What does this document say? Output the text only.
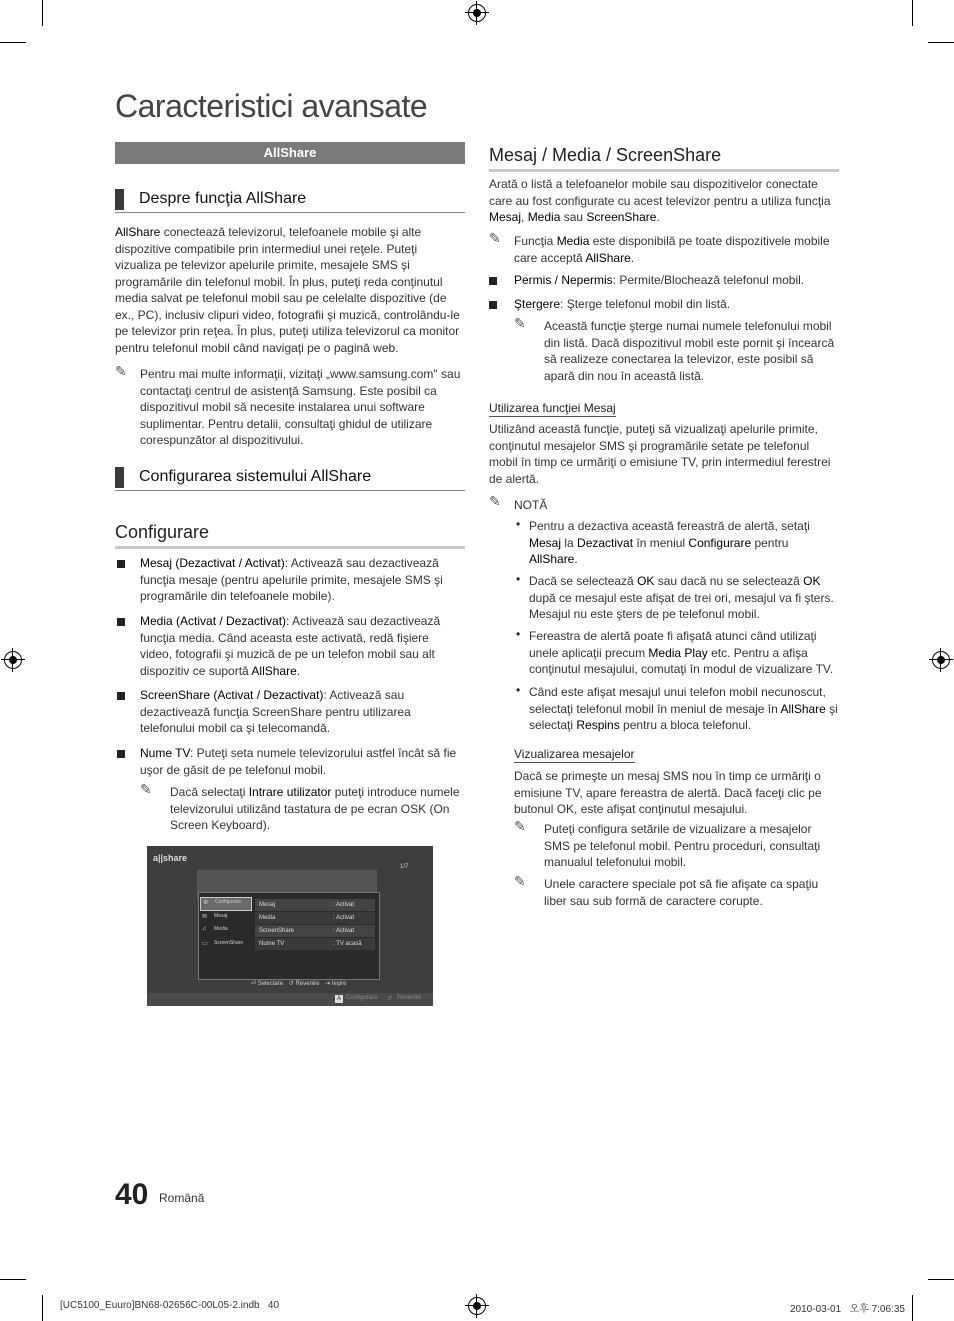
Caracteristici avansate
AllShare
Despre funcţia AllShare
AllShare conectează televizorul, telefoanele mobile şi alte dispozitive compatibile prin intermediul unei reţele. Puteţi vizualiza pe televizor apelurile primite, mesajele SMS şi programările din telefonul mobil. În plus, puteţi reda conţinutul media salvat pe telefonul mobil sau pe celelalte dispozitive (de ex., PC), inclusiv clipuri video, fotografii şi muzică, controlându-le pe televizor prin reţea. În plus, puteţi utiliza televizorul ca monitor pentru telefonul mobil când navigaţi pe o pagină web.
✎ Pentru mai multe informaţii, vizitaţi „www.samsung.com" sau contactaţi centrul de asistenţă Samsung. Este posibil ca dispozitivul mobil să necesite instalarea unui software suplimentar. Pentru detalii, consultaţi ghidul de utilizare corespunzător al dispozitivului.
Configurarea sistemului AllShare
Configurare
Mesaj (Dezactivat / Activat): Activează sau dezactivează funcţia mesaje (pentru apelurile primite, mesajele SMS şi programările din telefoanele mobile).
Media (Activat / Dezactivat): Activează sau dezactivează funcţia media. Când aceasta este activată, redă fişiere video, fotografii şi muzică de pe un telefon mobil sau alt dispozitiv ce suportă AllShare.
ScreenShare (Activat / Dezactivat): Activează sau dezactivează funcţia ScreenShare pentru utilizarea telefonului mobil ca şi telecomandă.
Nume TV: Puteţi seta numele televizorului astfel încât să fie uşor de găsit de pe telefonul mobil.
✎ Dacă selectaţi Intrare utilizator puteţi introduce numele televizorului utilizând tastatura de pe ecran OSK (On Screen Keyboard).
a||share
1/7
⚙ Configurare
✉ Mesaj
♫ Media
▭ ScreenShare
Mesaj	: Activat
Media	: Activat
ScreenShare	: Activat
Nume TV	: TV acasă
⏎ Selectare ↺ Revenire ⇥ Ieşire
A Configurare ↺ Revenire
Mesaj / Media / ScreenShare
Arată o listă a telefoanelor mobile sau dispozitivelor conectate care au fost configurate cu acest televizor pentru a utiliza funcţia Mesaj, Media sau ScreenShare.
✎ Funcţia Media este disponibilă pe toate dispozitivele mobile care acceptă AllShare.
Permis / Nepermis: Permite/Blochează telefonul mobil.
Ştergere: Şterge telefonul mobil din listă.
✎ Această funcţie şterge numai numele telefonului mobil din listă. Dacă dispozitivul mobil este pornit şi încearcă să realizeze conectarea la televizor, este posibil să apară din nou în această listă.
Utilizarea funcţiei Mesaj
Utilizând această funcţie, puteţi să vizualizaţi apelurile primite, conţinutul mesajelor SMS şi programările setate pe telefonul mobil în timp ce urmăriţi o emisiune TV, prin intermediul ferestrei de alertă.
✎ NOTĂ
• Pentru a dezactiva această fereastră de alertă, setaţi Mesaj la Dezactivat în meniul Configurare pentru AllShare.
• Dacă se selectează OK sau dacă nu se selectează OK după ce mesajul este afişat de trei ori, mesajul va fi şters. Mesajul nu este şters de pe telefonul mobil.
• Fereastra de alertă poate fi afişată atunci când utilizaţi unele aplicaţii precum Media Play etc. Pentru a afişa conţinutul mesajului, comutaţi în modul de vizualizare TV.
• Când este afişat mesajul unui telefon mobil necunoscut, selectaţi telefonul mobil în meniul de mesaje în AllShare şi selectaţi Respins pentru a bloca telefonul.
Vizualizarea mesajelor
Dacă se primeşte un mesaj SMS nou în timp ce urmăriţi o emisiune TV, apare fereastra de alertă. Dacă faceţi clic pe butonul OK, este afişat conţinutul mesajului.
✎ Puteţi configura setările de vizualizare a mesajelor SMS pe telefonul mobil. Pentru proceduri, consultaţi manualul telefonului mobil.
✎ Unele caractere speciale pot să fie afişate ca spaţiu liber sau sub formă de caractere corupte.
40 Română
[UC5100_Euuro]BN68-02656C-00L05-2.indb   40	2010-03-01   오후 7:06:35
